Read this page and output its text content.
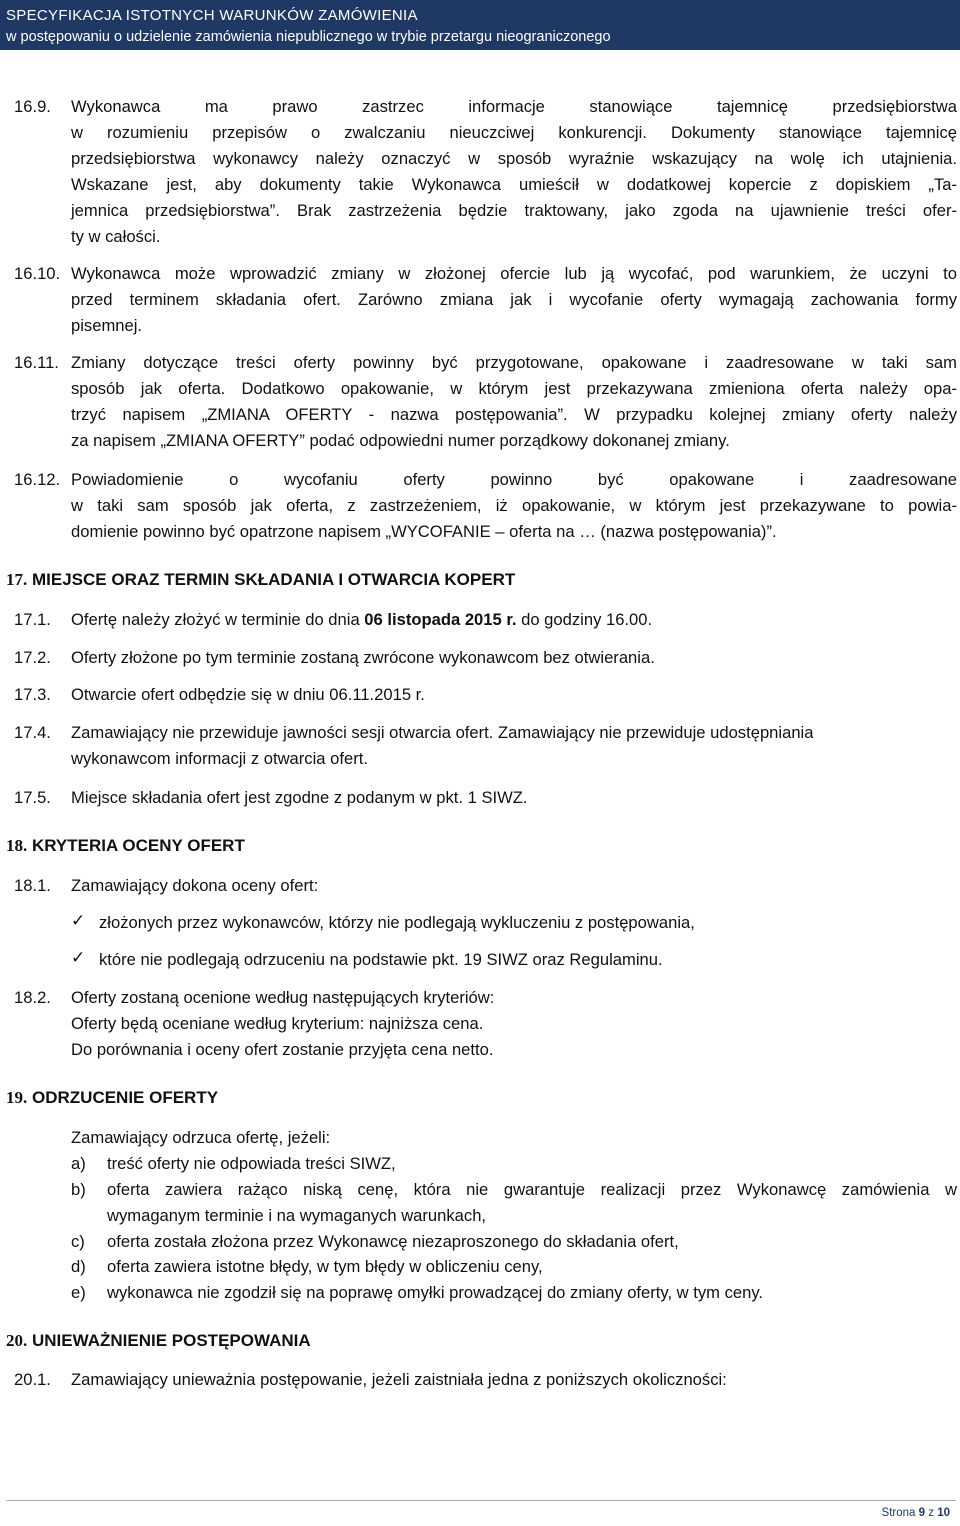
SPECYFIKACJA ISTOTNYCH WARUNKÓW ZAMÓWIENIA
w postępowaniu o udzielenie zamówienia niepublicznego w trybie przetargu nieograniczonego
16.9. Wykonawca ma prawo zastrzec informacje stanowiące tajemnicę przedsiębiorstwa
w rozumieniu przepisów o zwalczaniu nieuczciwej konkurencji. Dokumenty stanowiące tajemnicę
przedsiębiorstwa wykonawcy należy oznaczyć w sposób wyraźnie wskazujący na wolę ich utajnienia.
Wskazane jest, aby dokumenty takie Wykonawca umieścił w dodatkowej kopercie z dopiskiem „Ta-
jemnica przedsiębiorstwa”. Brak zastrzeżenia będzie traktowany, jako zgoda na ujawnienie treści ofer-
ty w całości.
16.10. Wykonawca może wprowadzić zmiany w złożonej ofercie lub ją wycofać, pod warunkiem, że uczyni to
przed terminem składania ofert. Zarówno zmiana jak i wycofanie oferty wymagają zachowania formy
pisemnej.
16.11. Zmiany dotyczące treści oferty powinny być przygotowane, opakowane i zaadresowane w taki sam
sposób jak oferta. Dodatkowo opakowanie, w którym jest przekazywana zmieniona oferta należy opa-
trzyć napisem „ZMIANA OFERTY - nazwa postępowania”. W przypadku kolejnej zmiany oferty należy
za napisem „ZMIANA OFERTY” podać odpowiedni numer porządkowy dokonanej zmiany.
16.12. Powiadomienie o wycofaniu oferty powinno być opakowane i zaadresowane
w taki sam sposób jak oferta, z zastrzeżeniem, iż opakowanie, w którym jest przekazywane to powia-
domienie powinno być opatrzone napisem „WYCOFANIE – oferta na … (nazwa postępowania)”.
17. MIEJSCE ORAZ TERMIN SKŁADANIA I OTWARCIA KOPERT
17.1. Ofertę należy złożyć w terminie do dnia 06 listopada 2015 r. do godziny 16.00.
17.2. Oferty złożone po tym terminie zostaną zwrócone wykonawcom bez otwierania.
17.3. Otwarcie ofert odbędzie się w dniu 06.11.2015 r.
17.4. Zamawiający nie przewiduje jawności sesji otwarcia ofert. Zamawiający nie przewiduje udostępniania
wykonawcom informacji z otwarcia ofert.
17.5. Miejsce składania ofert jest zgodne z podanym w pkt. 1 SIWZ.
18. KRYTERIA OCENY OFERT
18.1. Zamawiający dokona oceny ofert:
✓ złożonych przez wykonawców, którzy nie podlegają wykluczeniu z postępowania,
✓ które nie podlegają odrzuceniu na podstawie pkt. 19 SIWZ oraz Regulaminu.
18.2. Oferty zostaną ocenione według następujących kryteriów:
Oferty będą oceniane według kryterium: najniższa cena.
Do porównania i oceny ofert zostanie przyjęta cena netto.
19. ODRZUCENIE OFERTY
Zamawiający odrzuca ofertę, jeżeli:
a) treść oferty nie odpowiada treści SIWZ,
b) oferta zawiera rażąco niską cenę, która nie gwarantuje realizacji przez Wykonawcę zamówienia w
wymaganym terminie i na wymaganych warunkach,
c) oferta została złożona przez Wykonawcę niezaproszonego do składania ofert,
d) oferta zawiera istotne błędy, w tym błędy w obliczeniu ceny,
e) wykonawca nie zgodził się na poprawę omyłki prowadzącej do zmiany oferty, w tym ceny.
20. UNIEWAŻNIENIE POSTĘPOWANIA
20.1. Zamawiający unieważnia postępowanie, jeżeli zaistniała jedna z poniższych okoliczności:
Strona 9 z 10
